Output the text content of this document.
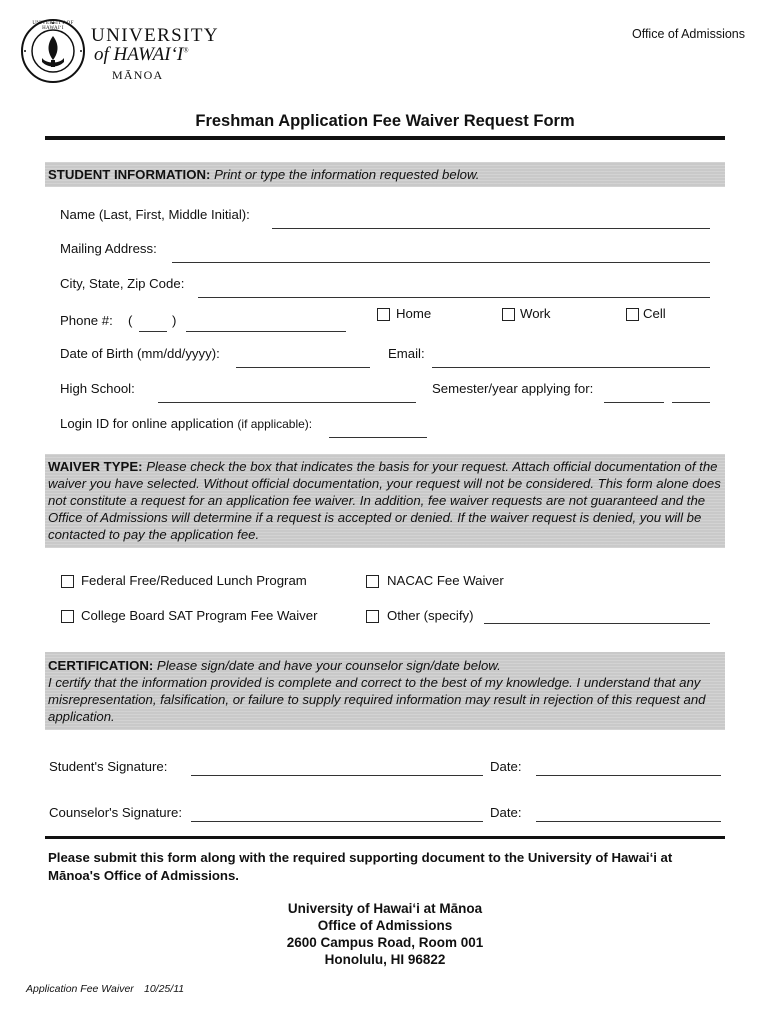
UNIVERSITY OF HAWAI‘I	UNIVERSITY
of HAWAI‘I®
MĀNOA
Office of Admissions
Freshman Application Fee Waiver Request Form
STUDENT INFORMATION: Print or type the information requested below.
Name (Last, First, Middle Initial):
Mailing Address:
City, State, Zip Code:
Phone #: (	)	Home	Work	Cell
Date of Birth (mm/dd/yyyy):	Email:
High School:	Semester/year applying for:
Login ID for online application (if applicable):
WAIVER TYPE: Please check the box that indicates the basis for your request. Attach official documentation of the waiver you have selected. Without official documentation, your request will not be considered. This form alone does not constitute a request for an application fee waiver. In addition, fee waiver requests are not guaranteed and the Office of Admissions will determine if a request is accepted or denied. If the waiver request is denied, you will be contacted to pay the application fee.
Federal Free/Reduced Lunch Program	NACAC Fee Waiver
College Board SAT Program Fee Waiver	Other (specify)
CERTIFICATION: Please sign/date and have your counselor sign/date below.
I certify that the information provided is complete and correct to the best of my knowledge. I understand that any misrepresentation, falsification, or failure to supply required information may result in rejection of this request and application.
Student's Signature:	Date:
Counselor's Signature:	Date:
Please submit this form along with the required supporting document to the University of Hawai‘i at Mānoa's Office of Admissions.
University of Hawai‘i at Mānoa
Office of Admissions
2600 Campus Road, Room 001
Honolulu, HI 96822
Application Fee Waiver 10/25/11
